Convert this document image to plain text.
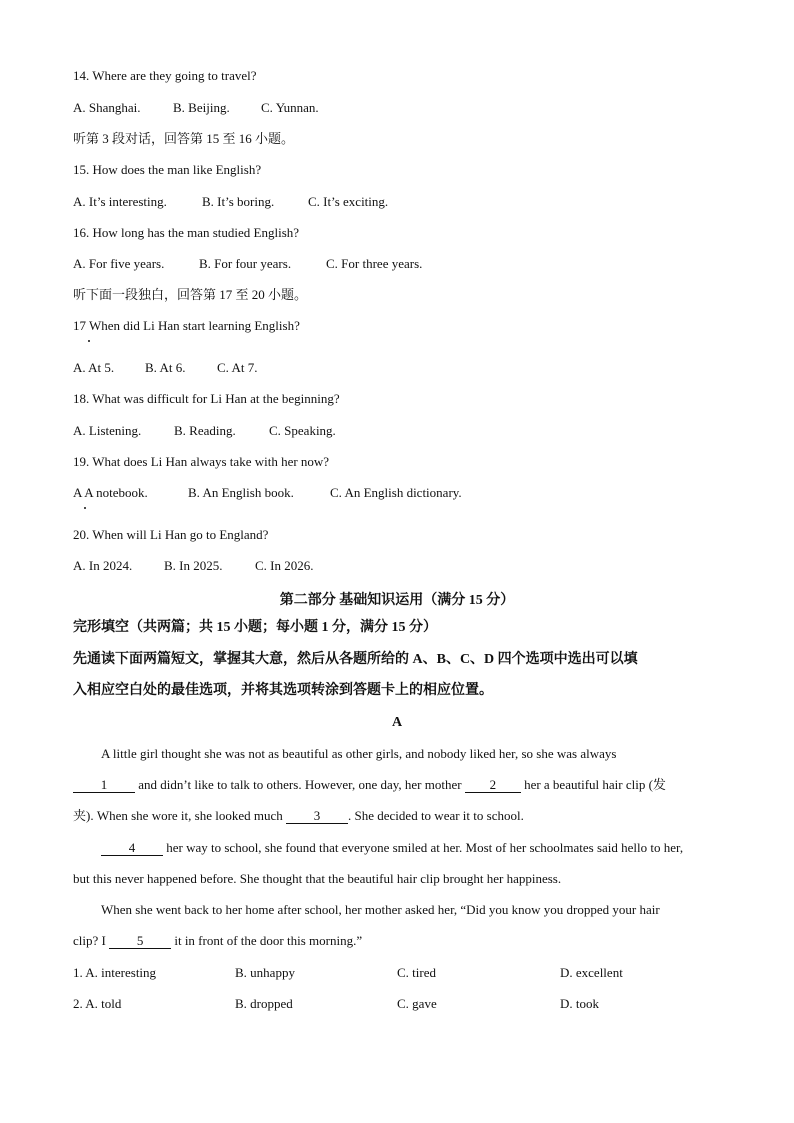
14. Where are they going to travel?
A. Shanghai. B. Beijing. C. Yunnan.
听第 3 段对话，回答第 15 至 16 小题。
15. How does the man like English?
A. It’s interesting.	B. It’s boring.	C. It’s exciting.
16. How long has the man studied English?
A. For five years.	B. For four years.	C. For three years.
听下面一段独白，回答第 17 至 20 小题。
17 When did Li Han start learning English?
A. At 5. B. At 6. C. At 7.
18. What was difficult for Li Han at the beginning?
A. Listening.	B. Reading.	C. Speaking.
19. What does Li Han always take with her now?
A A notebook.	B. An English book.	C. An English dictionary.
20. When will Li Han go to England?
A. In 2024. B. In 2025.	C. In 2026.
第二部分 基础知识运用（满分 15 分）
完形填空（共两篇；共 15 小题；每小题 1 分，满分 15 分）
先通读下面两篇短文，掌握其大意，然后从各题所给的 A、B、C、D 四个选项中选出可以填
入相应空白处的最佳选项，并将其选项转涂到答题卡上的相应位置。
A
A little girl thought she was not as beautiful as other girls, and nobody liked her, so she was always
1 and didn’t like to talk to others. However, one day, her mother 2 her a beautiful hair clip (发
夹). When she wore it, she looked much 3 . She decided to wear it to school.
4 her way to school, she found that everyone smiled at her. Most of her schoolmates said hello to her,
but this never happened before. She thought that the beautiful hair clip brought her happiness.
When she went back to her home after school, her mother asked her, “Did you know you dropped your hair
clip? I 5 it in front of the door this morning.”
1. A. interesting	B. unhappy	C. tired	D. excellent
2. A. told	B. dropped	C. gave	D. took
